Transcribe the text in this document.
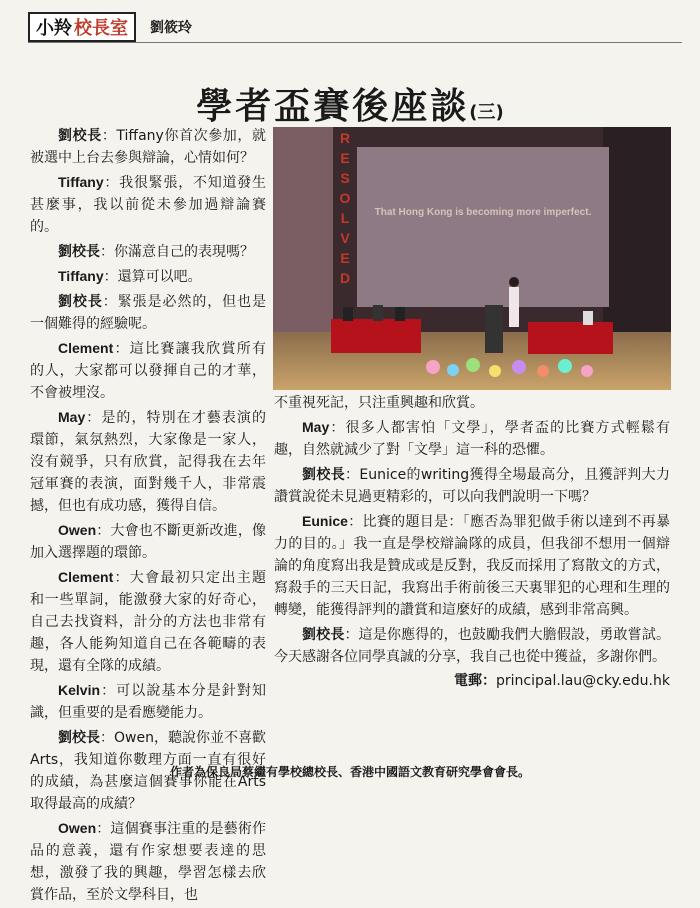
小羚 校長室 劉筱玲
學者盃賽後座談(三)

劉校長：Tiffany你首次參加，就被選中上台去參與辯論，心情如何？

Tiffany：我很緊張，不知道發生甚麼事，我以前從未參加過辯論賽的。

劉校長：你滿意自己的表現嗎？

Tiffany：還算可以吧。

劉校長：緊張是必然的，但也是一個難得的經驗呢。

Clement：這比賽讓我欣賞所有的人，大家都可以發揮自己的才華，不會被埋沒。

May：是的，特別在才藝表演的環節，氣氛熱烈，大家像是一家人，沒有競爭，只有欣賞，記得我在去年冠軍賽的表演，面對幾千人，非常震撼，但也有成功感，獲得自信。

Owen：大會也不斷更新改進，像加入選擇題的環節。

Clement：大會最初只定出主題和一些單詞，能激發大家的好奇心，自己去找資料，計分的方法也非常有趣，各人能夠知道自己在各範疇的表現，還有全隊的成績。

Kelvin：可以說基本分是針對知識，但重要的是看應變能力。

劉校長：Owen，聽說你並不喜歡Arts，我知道你數理方面一直有很好的成績，為甚麼這個賽事你能在Arts取得最高的成績？

Owen：這個賽事注重的是藝術作品的意義，還有作家想要表達的思想，激發了我的興趣，學習怎樣去欣賞作品，至於文學科目，也

R
E
S
O
L
V
E
D
That Hong Kong is becoming more imperfect.

不重視死記，只注重興趣和欣賞。

May：很多人都害怕「文學」，學者盃的比賽方式輕鬆有趣，自然就減少了對「文學」這一科的恐懼。

劉校長：Eunice的writing獲得全場最高分，且獲評判大力讚賞說從未見過更精彩的，可以向我們說明一下嗎？

Eunice：比賽的題目是：「應否為罪犯做手術以達到不再暴力的目的。」我一直是學校辯論隊的成員，但我卻不想用一個辯論的角度寫出我是贊成或是反對，我反而採用了寫散文的方式，寫殺手的三天日記，我寫出手術前後三天裏罪犯的心理和生理的轉變，能獲得評判的讚賞和這麼好的成績，感到非常高興。

劉校長：這是你應得的，也鼓勵我們大膽假設，勇敢嘗試。今天感謝各位同學真誠的分享，我自己也從中獲益，多謝你們。

電郵：principal.lau@cky.edu.hk

作者為保良局蔡繼有學校總校長、香港中國語文教育研究學會會長。
